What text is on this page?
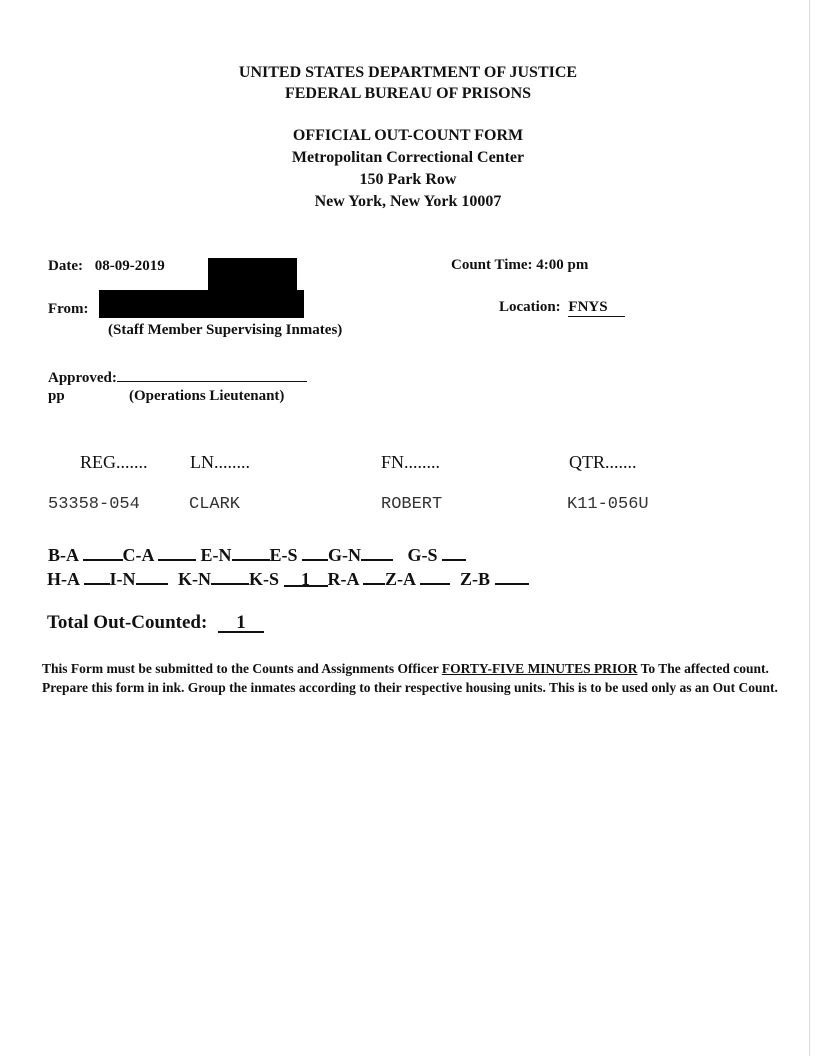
UNITED STATES DEPARTMENT OF JUSTICE
FEDERAL BUREAU OF PRISONS
OFFICIAL OUT-COUNT FORM
Metropolitan Correctional Center
150 Park Row
New York, New York 10007
Date: 08-09-2019	Count Time: 4:00 pm
From:	Location: FNYS
(Staff Member Supervising Inmates)
Approved:
pp	(Operations Lieutenant)
REG....... LN........	FN........	QTR.......
53358-054	CLARK	ROBERT	K11-056U
B-A C-A	E-N E-S G-N	G-S
H-A I-N K-N K-S 1 R-A Z-A	Z-B
Total Out-Counted: 1
This Form must be submitted to the Counts and Assignments Officer FORTY-FIVE MINUTES PRIOR To The affected count. Prepare this form in ink. Group the inmates according to their respective housing units. This is to be used only as an Out Count.
